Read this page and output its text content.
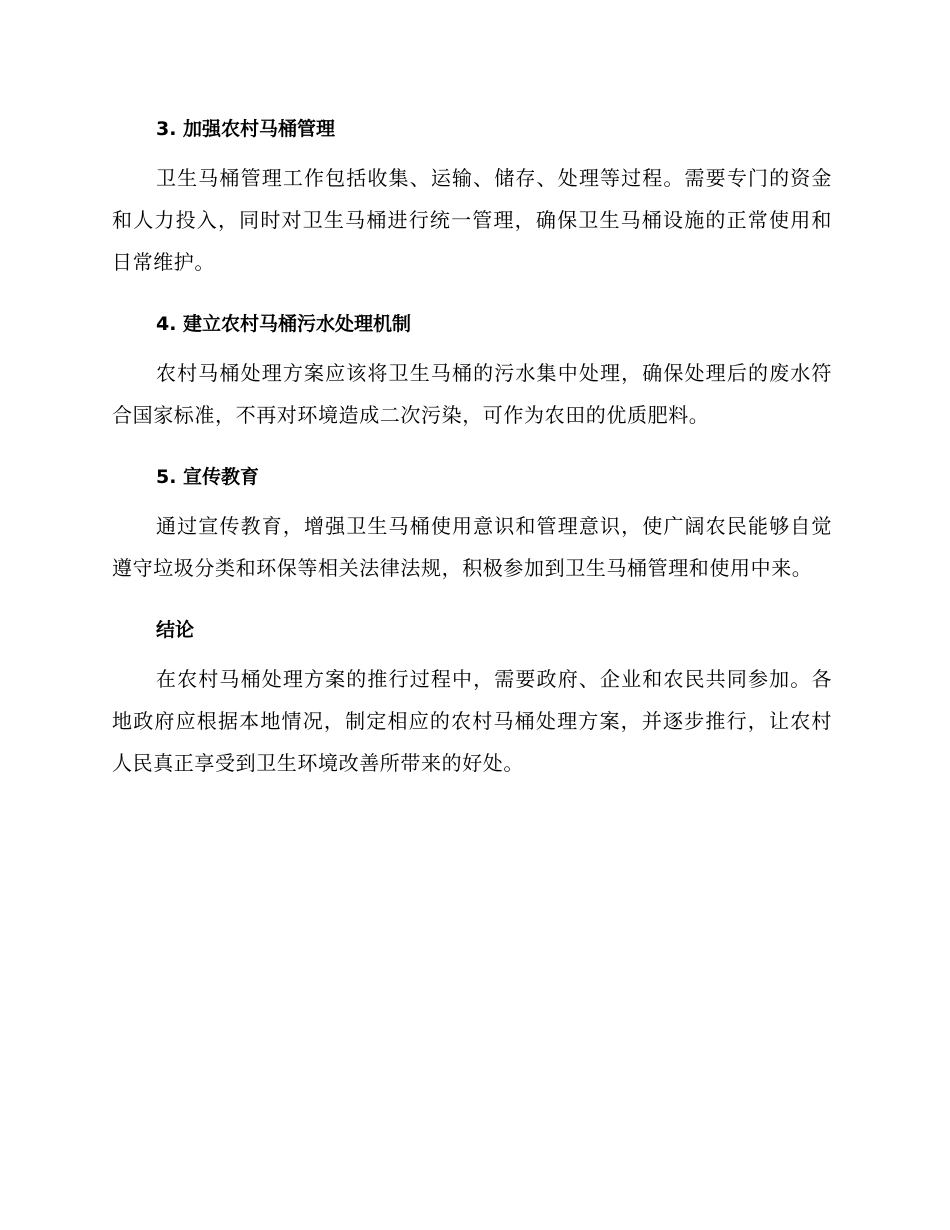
3. 加强农村马桶管理

卫生马桶管理工作包括收集、运输、储存、处理等过程。需要专门的资金和人力投入，同时对卫生马桶进行统一管理，确保卫生马桶设施的正常使用和日常维护。

4. 建立农村马桶污水处理机制

农村马桶处理方案应该将卫生马桶的污水集中处理，确保处理后的废水符合国家标准，不再对环境造成二次污染，可作为农田的优质肥料。

5. 宣传教育

通过宣传教育，增强卫生马桶使用意识和管理意识，使广阔农民能够自觉遵守垃圾分类和环保等相关法律法规，积极参加到卫生马桶管理和使用中来。

结论

在农村马桶处理方案的推行过程中，需要政府、企业和农民共同参加。各地政府应根据本地情况，制定相应的农村马桶处理方案，并逐步推行，让农村人民真正享受到卫生环境改善所带来的好处。
